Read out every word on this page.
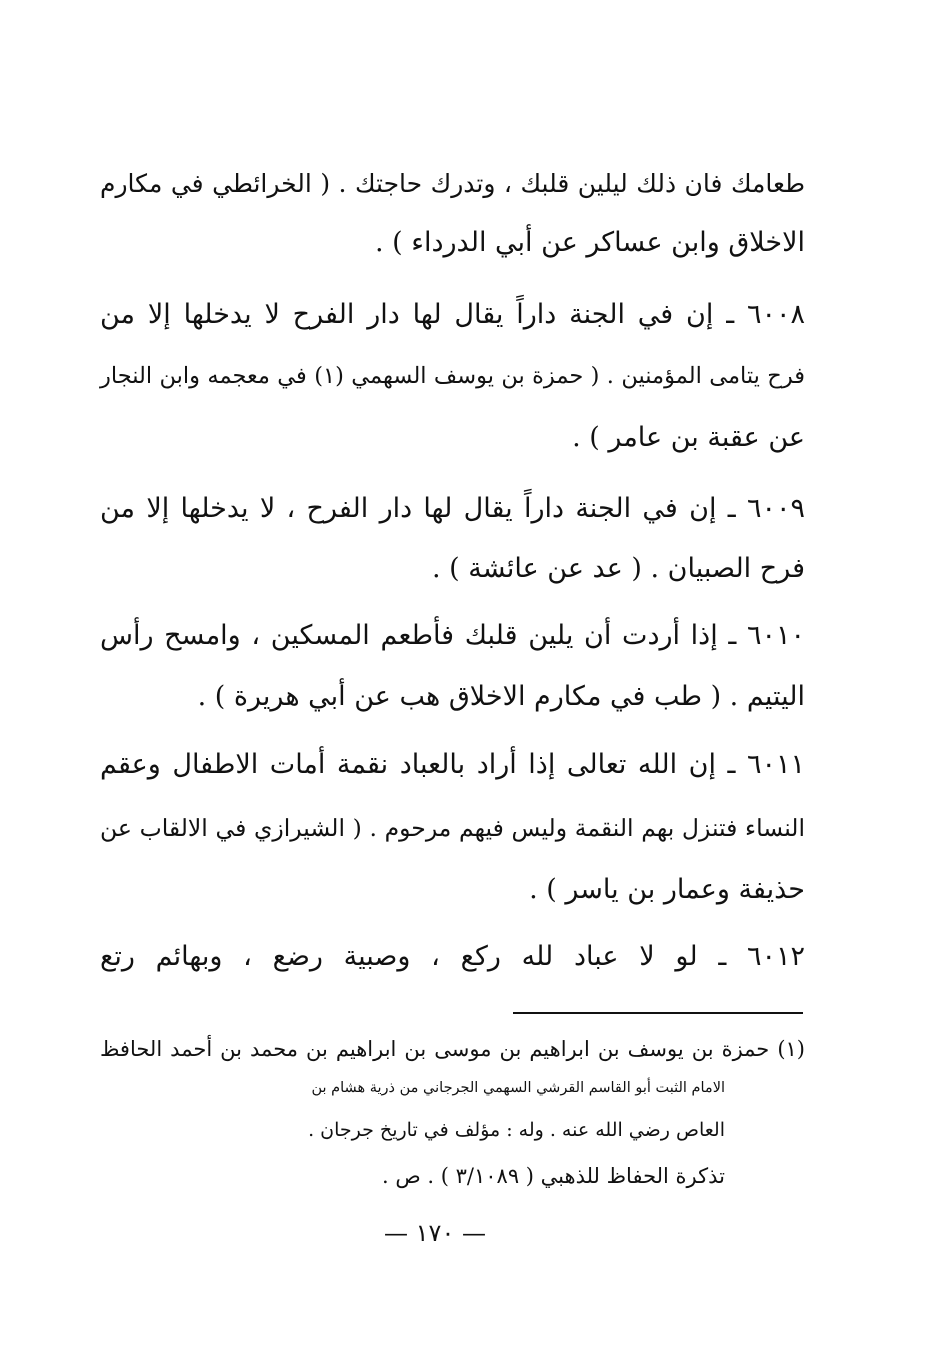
طعامك فان ذلك ليلين قلبك ، وتدرك حاجتك . ( الخرائطي في مكارم
الاخلاق وابن عساكر عن أبي الدرداء ) .
٦٠٠٨ ـ إن في الجنة داراً يقال لها دار الفرح لا يدخلها إلا من
فرح يتامى المؤمنين . ( حمزة بن يوسف السهمي (١) في معجمه وابن النجار
عن عقبة بن عامر ) .
٦٠٠٩ ـ إن في الجنة داراً يقال لها دار الفرح ، لا يدخلها إلا من
فرح الصبيان . ( عد عن عائشة ) .
٦٠١٠ ـ إذا أردت أن يلين قلبك فأطعم المسكين ، وامسح رأس
اليتيم . ( طب في مكارم الاخلاق هب عن أبي هريرة ) .
٦٠١١ ـ إن الله تعالى إذا أراد بالعباد نقمة أمات الاطفال وعقم
النساء فتنزل بهم النقمة وليس فيهم مرحوم . ( الشيرازي في الالقاب عن
حذيفة وعمار بن ياسر ) .
٦٠١٢ ـ لو لا عباد لله ركع ، وصبية رضع ، وبهائم رتع
(١) حمزة بن يوسف بن ابراهيم بن موسى بن ابراهيم بن محمد بن أحمد الحافظ
الامام الثبت أبو القاسم القرشي السهمي الجرجاني من ذرية هشام بن
العاص رضي الله عنه . وله : مؤلف في تاريخ جرجان .
تذكرة الحفاظ للذهبي ( ٣/١٠٨٩ ) . ص .
— ١٧٠ —
